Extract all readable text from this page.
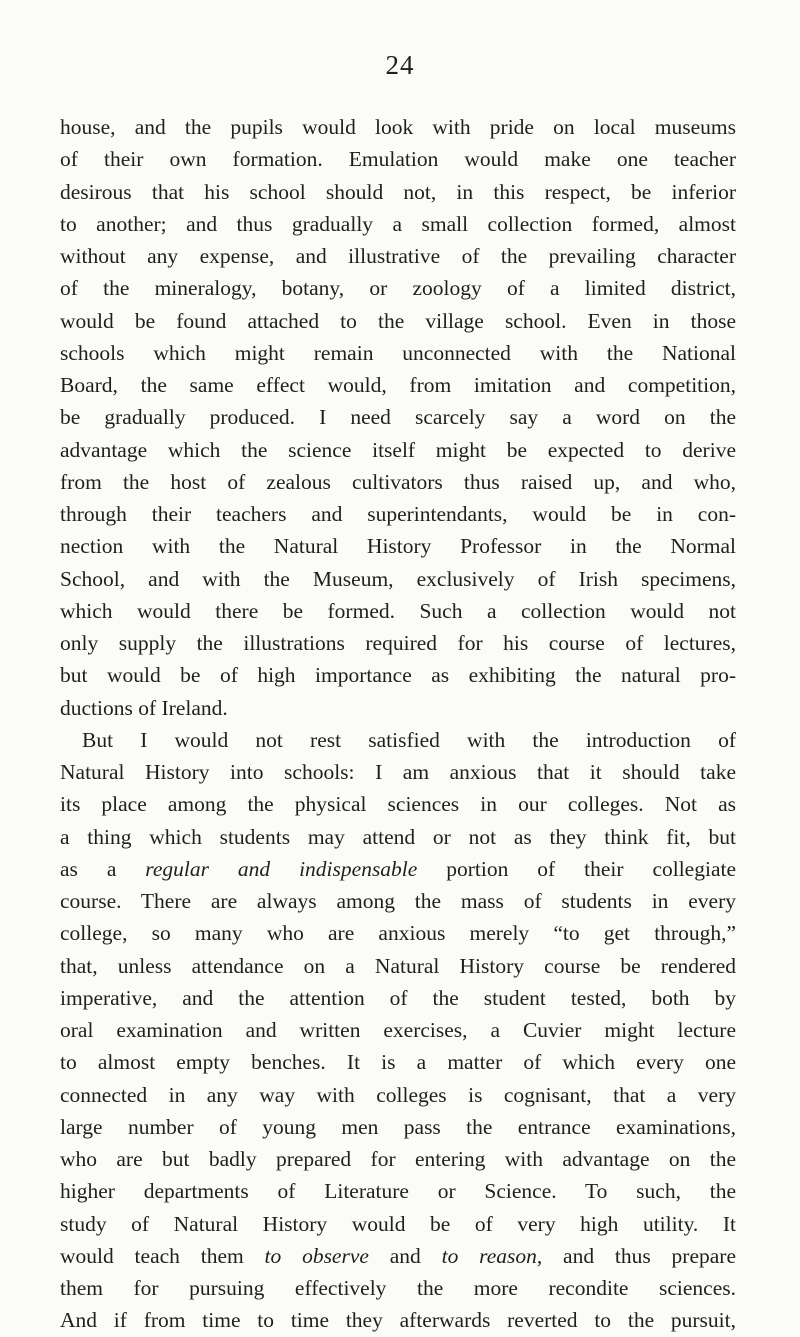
24
house, and the pupils would look with pride on local museums
of their own formation. Emulation would make one teacher
desirous that his school should not, in this respect, be inferior
to another; and thus gradually a small collection formed, almost
without any expense, and illustrative of the prevailing character
of the mineralogy, botany, or zoology of a limited district,
would be found attached to the village school. Even in those
schools which might remain unconnected with the National
Board, the same effect would, from imitation and competition,
be gradually produced. I need scarcely say a word on the
advantage which the science itself might be expected to derive
from the host of zealous cultivators thus raised up, and who,
through their teachers and superintendants, would be in con-
nection with the Natural History Professor in the Normal
School, and with the Museum, exclusively of Irish specimens,
which would there be formed. Such a collection would not
only supply the illustrations required for his course of lectures,
but would be of high importance as exhibiting the natural pro-
ductions of Ireland.
But I would not rest satisfied with the introduction of
Natural History into schools: I am anxious that it should take
its place among the physical sciences in our colleges. Not as
a thing which students may attend or not as they think fit, but
as a regular and indispensable portion of their collegiate
course. There are always among the mass of students in every
college, so many who are anxious merely “to get through,”
that, unless attendance on a Natural History course be rendered
imperative, and the attention of the student tested, both by
oral examination and written exercises, a Cuvier might lecture
to almost empty benches. It is a matter of which every one
connected in any way with colleges is cognisant, that a very
large number of young men pass the entrance examinations,
who are but badly prepared for entering with advantage on the
higher departments of Literature or Science. To such, the
study of Natural History would be of very high utility. It
would teach them to observe and to reason, and thus prepare
them for pursuing effectively the more recondite sciences.
And if from time to time they afterwards reverted to the pursuit,
